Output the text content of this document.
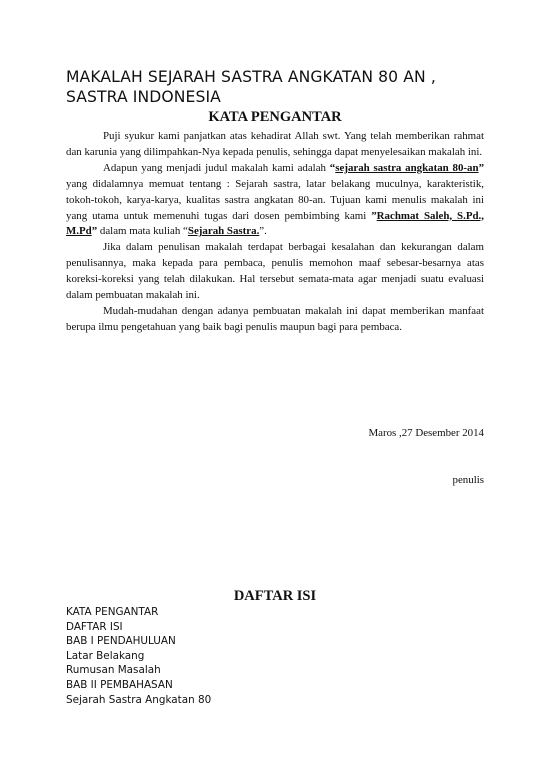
MAKALAH SEJARAH SASTRA ANGKATAN 80 AN ,
SASTRA INDONESIA
KATA PENGANTAR

Puji syukur kami panjatkan atas kehadirat Allah swt. Yang telah memberikan rahmat dan karunia yang dilimpahkan-Nya kepada penulis, sehingga dapat menyelesaikan makalah ini.

Adapun yang menjadi judul makalah kami adalah “sejarah sastra angkatan 80-an” yang didalamnya memuat tentang : Sejarah sastra, latar belakang muculnya, karakteristik, tokoh-tokoh, karya-karya, kualitas sastra angkatan 80-an. Tujuan kami menulis makalah ini yang utama untuk memenuhi tugas dari dosen pembimbing kami ”Rachmat Saleh, S.Pd., M.Pd” dalam mata kuliah “Sejarah Sastra.”.

Jika dalam penulisan makalah terdapat berbagai kesalahan dan kekurangan dalam penulisannya, maka kepada para pembaca, penulis memohon maaf sebesar-besarnya atas koreksi-koreksi yang telah dilakukan. Hal tersebut semata-mata agar menjadi suatu evaluasi dalam pembuatan makalah ini.

Mudah-mudahan dengan adanya pembuatan makalah ini dapat memberikan manfaat berupa ilmu pengetahuan yang baik bagi penulis maupun bagi para pembaca.

Maros ,27 Desember 2014
penulis
DAFTAR ISI
KATA PENGANTAR
DAFTAR ISI
BAB I PENDAHULUAN
Latar Belakang
Rumusan Masalah
BAB II PEMBAHASAN
Sejarah Sastra Angkatan 80
